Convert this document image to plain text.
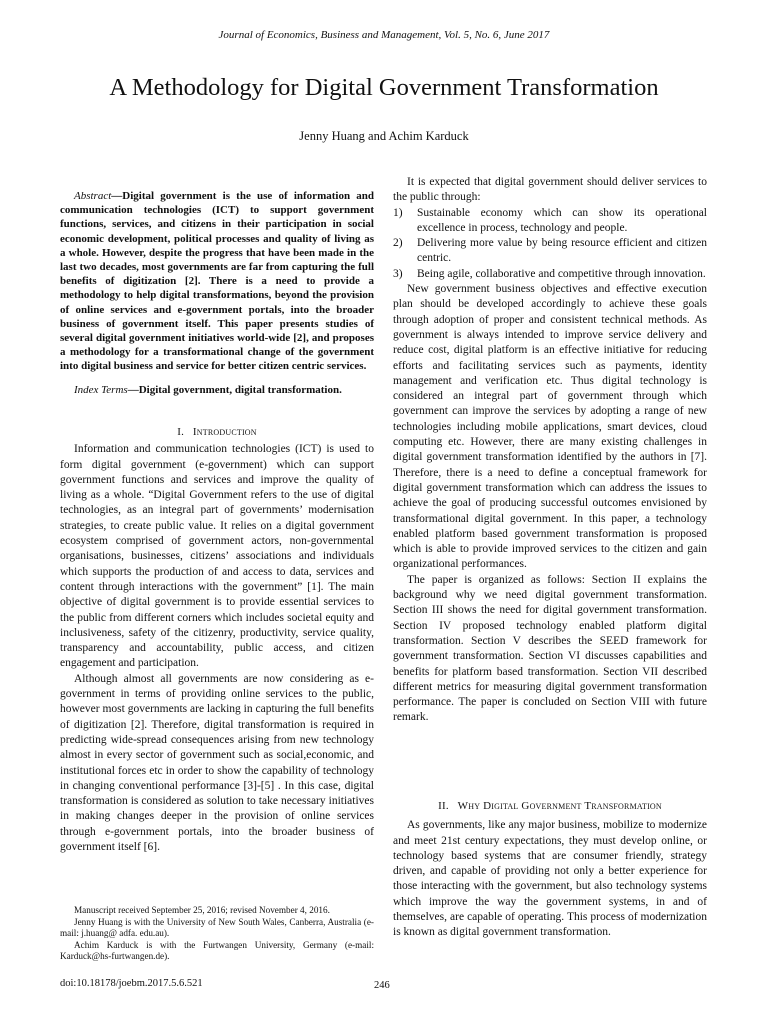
Journal of Economics, Business and Management, Vol. 5, No. 6, June 2017
A Methodology for Digital Government Transformation
Jenny Huang and Achim Karduck

Abstract—Digital government is the use of information and communication technologies (ICT) to support government functions, services, and citizens in their participation in social economic development, political processes and quality of living as a whole. However, despite the progress that have been made in the last two decades, most governments are far from capturing the full benefits of digitization [2]. There is a need to provide a methodology to help digital transformations, beyond the provision of online services and e-government portals, into the broader business of government itself. This paper presents studies of several digital government initiatives world-wide [2], and proposes a methodology for a transformational change of the government into digital business and service for better citizen centric services.

Index Terms—Digital government, digital transformation.

I. Introduction

Information and communication technologies (ICT) is used to form digital government (e-government) which can support government functions and services and improve the quality of living as a whole. “Digital Government refers to the use of digital technologies, as an integral part of governments’ modernisation strategies, to create public value. It relies on a digital government ecosystem comprised of government actors, non-governmental organisations, businesses, citizens’ associations and individuals which supports the production of and access to data, services and content through interactions with the government” [1]. The main objective of digital government is to provide essential services to the public from different corners which includes societal equity and inclusiveness, safety of the citizenry, productivity, service quality, transparency and accountability, public access, and citizen engagement and participation.

Although almost all governments are now considering as e-government in terms of providing online services to the public, however most governments are lacking in capturing the full benefits of digitization [2]. Therefore, digital transformation is required in predicting wide-spread consequences arising from new technology almost in every sector of government such as social,economic, and institutional forces etc in order to show the capability of technology in changing conventional performance [3]-[5] . In this case, digital transformation is considered as solution to take necessary initiatives in making changes deeper in the provision of online services through e-government portals, into the broader business of government itself [6].

Manuscript received September 25, 2016; revised November 4, 2016.

Jenny Huang is with the University of New South Wales, Canberra, Australia (e-mail: j.huang@ adfa. edu.au).

Achim Karduck is with the Furtwangen University, Germany (e-mail: Karduck@hs-furtwangen.de).

It is expected that digital government should deliver services to the public through:

1) Sustainable economy which can show its operational excellence in process, technology and people.
2) Delivering more value by being resource efficient and citizen centric.
3) Being agile, collaborative and competitive through innovation.

New government business objectives and effective execution plan should be developed accordingly to achieve these goals through adoption of proper and consistent technical methods. As government is always intended to improve service delivery and reduce cost, digital platform is an effective initiative for reducing efforts and facilitating services such as payments, identity management and verification etc. Thus digital technology is considered an integral part of government through which government can improve the services by adopting a range of new technologies including mobile applications, smart devices, cloud computing etc. However, there are many existing challenges in digital government transformation identified by the authors in [7]. Therefore, there is a need to define a conceptual framework for digital government transformation which can address the issues to achieve the goal of producing successful outcomes envisioned by transformational digital government. In this paper, a technology enabled platform based government transformation is proposed which is able to provide improved services to the citizen and gain organizational performances.

The paper is organized as follows: Section II explains the background why we need digital government transformation. Section III shows the need for digital government transformation. Section IV proposed technology enabled platform digital transformation. Section V describes the SEED framework for government transformation. Section VI discusses capabilities and benefits for platform based transformation. Section VII described different metrics for measuring digital government transformation performance. The paper is concluded on Section VIII with future remark.

II. Why Digital Government Transformation

As governments, like any major business, mobilize to modernize and meet 21st century expectations, they must develop online, or technology based systems that are consumer friendly, strategy driven, and capable of providing not only a better experience for those interacting with the government, but also technology systems which improve the way the government systems, in and of themselves, are capable of operating. This process of modernization is known as digital government transformation.

doi:10.18178/joebm.2017.5.6.521	246
